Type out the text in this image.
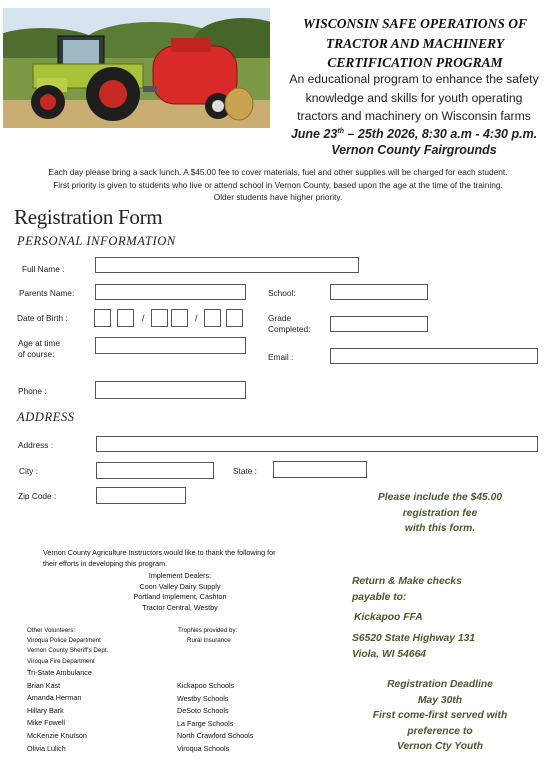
WISCONSIN SAFE OPERATIONS OF
TRACTOR AND MACHINERY
CERTIFICATION PROGRAM
An educational program to enhance the safety
knowledge and skills for youth operating
tractors and machinery on Wisconsin farms
June 23th – 25th 2026, 8:30 a.m - 4:30 p.m.
Vernon County Fairgrounds
Each day please bring a sack lunch. A $45.00 fee to cover materials, fuel and other supplies will be charged for each student.
First priority is given to students who live or attend school in Vernon County, based upon the age at the time of the training.
Older students have higher priority.
Registration Form
PERSONAL INFORMATION
Full Name :
Parents Name:	School:
Date of Birth :	/	/	Grade
Completed:
Age at time
of course:	Email :
Phone :
ADDRESS
Address :
City :	State :
Zip Code :	Please include the $45.00
registration fee
with this form.
Vernon County Agriculture Instructors would like to thank the following for
their efforts in developing this program.
Implement Dealers:
Coon Valley Dairy Supply
Portland Implement, Cashton
Tractor Central, Westby
Other Volunteers:
Viroqua Police Department
Vernon County Sheriff's Dept.
Viroqua Fire Department
Trophies provided by:
Rural Insurance
Tri-State Ambulance
Brian Kast
Amanda Herman
Hillary Bark
Mike Fowell
McKenzie Knutson
Olivia Lulich
Kickapoo Schools
Westby Schools
DeSoto Schools
La Farge Schools
North Crawford Schools
Viroqua Schools
Return & Make checks
payable to:
Kickapoo FFA
S6520 State Highway 131
Viola, WI 54664
Registration Deadline
May 30th
First come-first served with
preference to
Vernon Cty Youth
